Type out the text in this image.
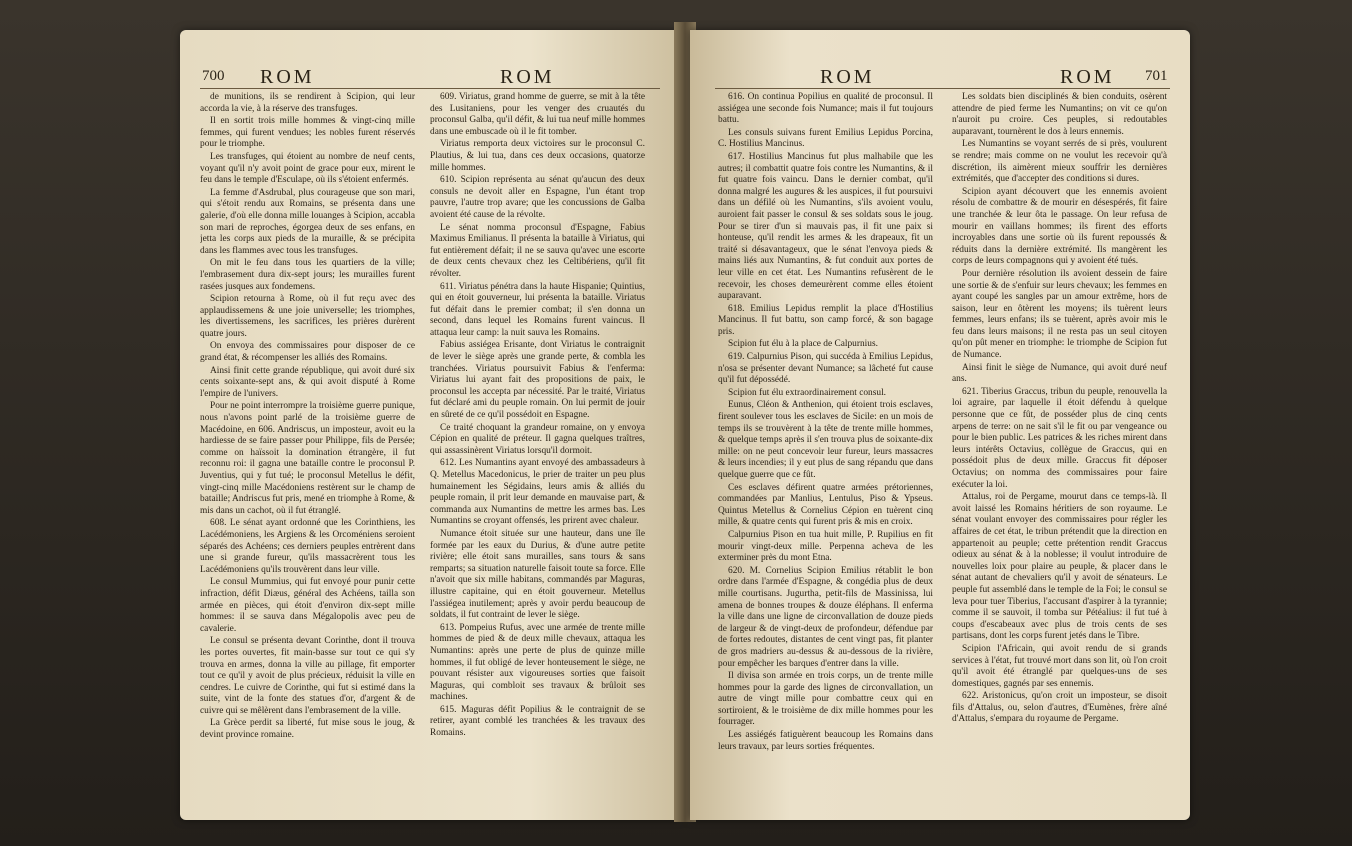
700 ROM	ROM

de munitions, ils se rendirent à Scipion, qui leur accorda la vie, à la réserve des transfuges.

Il en sortit trois mille hommes & vingt-cinq mille femmes, qui furent vendues; les nobles furent réservés pour le triomphe.

Les transfuges, qui étoient au nombre de neuf cents, voyant qu'il n'y avoit point de grace pour eux, mirent le feu dans le temple d'Esculape, où ils s'étoient enfermés.

La femme d'Asdrubal, plus courageuse que son mari, qui s'étoit rendu aux Romains, se présenta dans une galerie, d'où elle donna mille louanges à Scipion, accabla son mari de reproches, égorgea deux de ses enfans, en jetta les corps aux pieds de la muraille, & se précipita dans les flammes avec tous les transfuges.

On mit le feu dans tous les quartiers de la ville; l'embrasement dura dix-sept jours; les murailles furent rasées jusques aux fondemens.

Scipion retourna à Rome, où il fut reçu avec des applaudissemens & une joie universelle; les triomphes, les divertissemens, les sacrifices, les prières durèrent quatre jours.

On envoya des commissaires pour disposer de ce grand état, & récompenser les alliés des Romains.

Ainsi finit cette grande république, qui avoit duré six cents soixante-sept ans, & qui avoit disputé à Rome l'empire de l'univers.

Pour ne point interrompre la troisième guerre punique, nous n'avons point parlé de la troisième guerre de Macédoine, en 606. Andriscus, un imposteur, avoit eu la hardiesse de se faire passer pour Philippe, fils de Persée; comme on haïssoit la domination étrangère, il fut reconnu roi: il gagna une bataille contre le proconsul P. Juventius, qui y fut tué; le proconsul Metellus le défit, vingt-cinq mille Macédoniens restèrent sur le champ de bataille; Andriscus fut pris, mené en triomphe à Rome, & mis dans un cachot, où il fut étranglé.

608. Le sénat ayant ordonné que les Corinthiens, les Lacédémoniens, les Argiens & les Orcoméniens seroient séparés des Achéens; ces derniers peuples entrèrent dans une si grande fureur, qu'ils massacrèrent tous les Lacédémoniens qu'ils trouvèrent dans leur ville.

Le consul Mummius, qui fut envoyé pour punir cette infraction, défit Diæus, général des Achéens, tailla son armée en pièces, qui étoit d'environ dix-sept mille hommes: il se sauva dans Mégalopolis avec peu de cavalerie.

Le consul se présenta devant Corinthe, dont il trouva les portes ouvertes, fit main-basse sur tout ce qui s'y trouva en armes, donna la ville au pillage, fit emporter tout ce qu'il y avoit de plus précieux, réduisit la ville en cendres. Le cuivre de Corinthe, qui fut si estimé dans la suite, vint de la fonte des statues d'or, d'argent & de cuivre qui se mêlèrent dans l'embrasement de la ville.

La Grèce perdit sa liberté, fut mise sous le joug, & devint province romaine.

609. Viriatus, grand homme de guerre, se mit à la tête des Lusitaniens, pour les venger des cruautés du proconsul Galba, qu'il défit, & lui tua neuf mille hommes dans une embuscade où il le fit tomber.

Viriatus remporta deux victoires sur le proconsul C. Plautius, & lui tua, dans ces deux occasions, quatorze mille hommes.

610. Scipion représenta au sénat qu'aucun des deux consuls ne devoit aller en Espagne, l'un étant trop pauvre, l'autre trop avare; que les concussions de Galba avoient été cause de la révolte.

Le sénat nomma proconsul d'Espagne, Fabius Maximus Emilianus. Il présenta la bataille à Viriatus, qui fut entièrement défait; il ne se sauva qu'avec une escorte de deux cents chevaux chez les Celtibériens, qu'il fit révolter.

611. Viriatus pénétra dans la haute Hispanie; Quintius, qui en étoit gouverneur, lui présenta la bataille. Viriatus fut défait dans le premier combat; il s'en donna un second, dans lequel les Romains furent vaincus. Il attaqua leur camp: la nuit sauva les Romains.

Fabius assiégea Erisante, dont Viriatus le contraignit de lever le siège après une grande perte, & combla les tranchées. Viriatus poursuivit Fabius & l'enferma: Viriatus lui ayant fait des propositions de paix, le proconsul les accepta par nécessité. Par le traité, Viriatus fut déclaré ami du peuple romain. On lui permit de jouir en sûreté de ce qu'il possédoit en Espagne.

Ce traité choquant la grandeur romaine, on y envoya Cépion en qualité de préteur. Il gagna quelques traîtres, qui assassinèrent Viriatus lorsqu'il dormoit.

612. Les Numantins ayant envoyé des ambassadeurs à Q. Metellus Macedonicus, le prier de traiter un peu plus humainement les Ségidains, leurs amis & alliés du peuple romain, il prit leur demande en mauvaise part, & commanda aux Numantins de mettre les armes bas. Les Numantins se croyant offensés, les prirent avec chaleur.

Numance étoit située sur une hauteur, dans une île formée par les eaux du Durius, & d'une autre petite rivière; elle étoit sans murailles, sans tours & sans remparts; sa situation naturelle faisoit toute sa force. Elle n'avoit que six mille habitans, commandés par Maguras, illustre capitaine, qui en étoit gouverneur. Metellus l'assiégea inutilement; après y avoir perdu beaucoup de soldats, il fut contraint de lever le siège.

613. Pompeius Rufus, avec une armée de trente mille hommes de pied & de deux mille chevaux, attaqua les Numantins: après une perte de plus de quinze mille hommes, il fut obligé de lever honteusement le siège, ne pouvant résister aux vigoureuses sorties que faisoit Maguras, qui combloit ses travaux & brûloit ses machines.

615. Maguras défit Popilius & le contraignit de se retirer, ayant comblé les tranchées & les travaux des Romains.

ROM	ROM 701

616. On continua Popilius en qualité de proconsul. Il assiégea une seconde fois Numance; mais il fut toujours battu.

Les consuls suivans furent Emilius Lepidus Porcina, C. Hostilius Mancinus.

617. Hostilius Mancinus fut plus malhabile que les autres; il combattit quatre fois contre les Numantins, & il fut quatre fois vaincu. Dans le dernier combat, qu'il donna malgré les augures & les auspices, il fut poursuivi dans un défilé où les Numantins, s'ils avoient voulu, auroient fait passer le consul & ses soldats sous le joug. Pour se tirer d'un si mauvais pas, il fit une paix si honteuse, qu'il rendit les armes & les drapeaux, fit un traité si désavantageux, que le sénat l'envoya pieds & mains liés aux Numantins, & fut conduit aux portes de leur ville en cet état. Les Numantins refusèrent de le recevoir, les choses demeurèrent comme elles étoient auparavant.

618. Emilius Lepidus remplit la place d'Hostilius Mancinus. Il fut battu, son camp forcé, & son bagage pris.

Scipion fut élu à la place de Calpurnius.

619. Calpurnius Pison, qui succéda à Emilius Lepidus, n'osa se présenter devant Numance; sa lâcheté fut cause qu'il fut dépossédé.

Scipion fut élu extraordinairement consul.

Eunus, Cléon & Anthenion, qui étoient trois esclaves, firent soulever tous les esclaves de Sicile: en un mois de temps ils se trouvèrent à la tête de trente mille hommes, & quelque temps après il s'en trouva plus de soixante-dix mille: on ne peut concevoir leur fureur, leurs massacres & leurs incendies; il y eut plus de sang répandu que dans quelque guerre que ce fût.

Ces esclaves défirent quatre armées prétoriennes, commandées par Manlius, Lentulus, Piso & Ypseus. Quintus Metellus & Cornelius Cépion en tuèrent cinq mille, & quatre cents qui furent pris & mis en croix.

Calpurnius Pison en tua huit mille, P. Rupilius en fit mourir vingt-deux mille. Perpenna acheva de les exterminer près du mont Etna.

620. M. Cornelius Scipion Emilius rétablit le bon ordre dans l'armée d'Espagne, & congédia plus de deux mille courtisans. Jugurtha, petit-fils de Massinissa, lui amena de bonnes troupes & douze éléphans. Il enferma la ville dans une ligne de circonvallation de douze pieds de largeur & de vingt-deux de profondeur, défendue par de fortes redoutes, distantes de cent vingt pas, fit planter de gros madriers au-dessus & au-dessous de la rivière, pour empêcher les barques d'entrer dans la ville.

Il divisa son armée en trois corps, un de trente mille hommes pour la garde des lignes de circonvallation, un autre de vingt mille pour combattre ceux qui en sortiroient, & le troisième de dix mille hommes pour les fourrager.

Les assiégés fatiguèrent beaucoup les Romains dans leurs travaux, par leurs sorties fréquentes.

Les soldats bien disciplinés & bien conduits, osèrent attendre de pied ferme les Numantins; on vit ce qu'on n'auroit pu croire. Ces peuples, si redoutables auparavant, tournèrent le dos à leurs ennemis.

Les Numantins se voyant serrés de si près, voulurent se rendre; mais comme on ne voulut les recevoir qu'à discrétion, ils aimèrent mieux souffrir les dernières extrémités, que d'accepter des conditions si dures.

Scipion ayant découvert que les ennemis avoient résolu de combattre & de mourir en désespérés, fit faire une tranchée & leur ôta le passage. On leur refusa de mourir en vaillans hommes; ils firent des efforts incroyables dans une sortie où ils furent repoussés & réduits dans la dernière extrémité. Ils mangèrent les corps de leurs compagnons qui y avoient été tués.

Pour dernière résolution ils avoient dessein de faire une sortie & de s'enfuir sur leurs chevaux; les femmes en ayant coupé les sangles par un amour extrême, hors de saison, leur en ôtèrent les moyens; ils tuèrent leurs femmes, leurs enfans; ils se tuèrent, après avoir mis le feu dans leurs maisons; il ne resta pas un seul citoyen qu'on pût mener en triomphe: le triomphe de Scipion fut de Numance.

Ainsi finit le siège de Numance, qui avoit duré neuf ans.

621. Tiberius Graccus, tribun du peuple, renouvella la loi agraire, par laquelle il étoit défendu à quelque personne que ce fût, de posséder plus de cinq cents arpens de terre: on ne sait s'il le fit ou par vengeance ou pour le bien public. Les patrices & les riches mirent dans leurs intérêts Octavius, collègue de Graccus, qui en possédoit plus de deux mille. Graccus fit déposer Octavius; on nomma des commissaires pour faire exécuter la loi.

Attalus, roi de Pergame, mourut dans ce temps-là. Il avoit laissé les Romains héritiers de son royaume. Le sénat voulant envoyer des commissaires pour régler les affaires de cet état, le tribun prétendit que la direction en appartenoit au peuple; cette prétention rendit Graccus odieux au sénat & à la noblesse; il voulut introduire de nouvelles loix pour plaire au peuple, & placer dans le sénat autant de chevaliers qu'il y avoit de sénateurs. Le peuple fut assemblé dans le temple de la Foi; le consul se leva pour tuer Tiberius, l'accusant d'aspirer à la tyrannie; comme il se sauvoit, il tomba sur Pétéalius: il fut tué à coups d'escabeaux avec plus de trois cents de ses partisans, dont les corps furent jetés dans le Tibre.

Scipion l'Africain, qui avoit rendu de si grands services à l'état, fut trouvé mort dans son lit, où l'on croit qu'il avoit été étranglé par quelques-uns de ses domestiques, gagnés par ses ennemis.

622. Aristonicus, qu'on croit un imposteur, se disoit fils d'Attalus, ou, selon d'autres, d'Eumènes, frère aîné d'Attalus, s'empara du royaume de Pergame.
